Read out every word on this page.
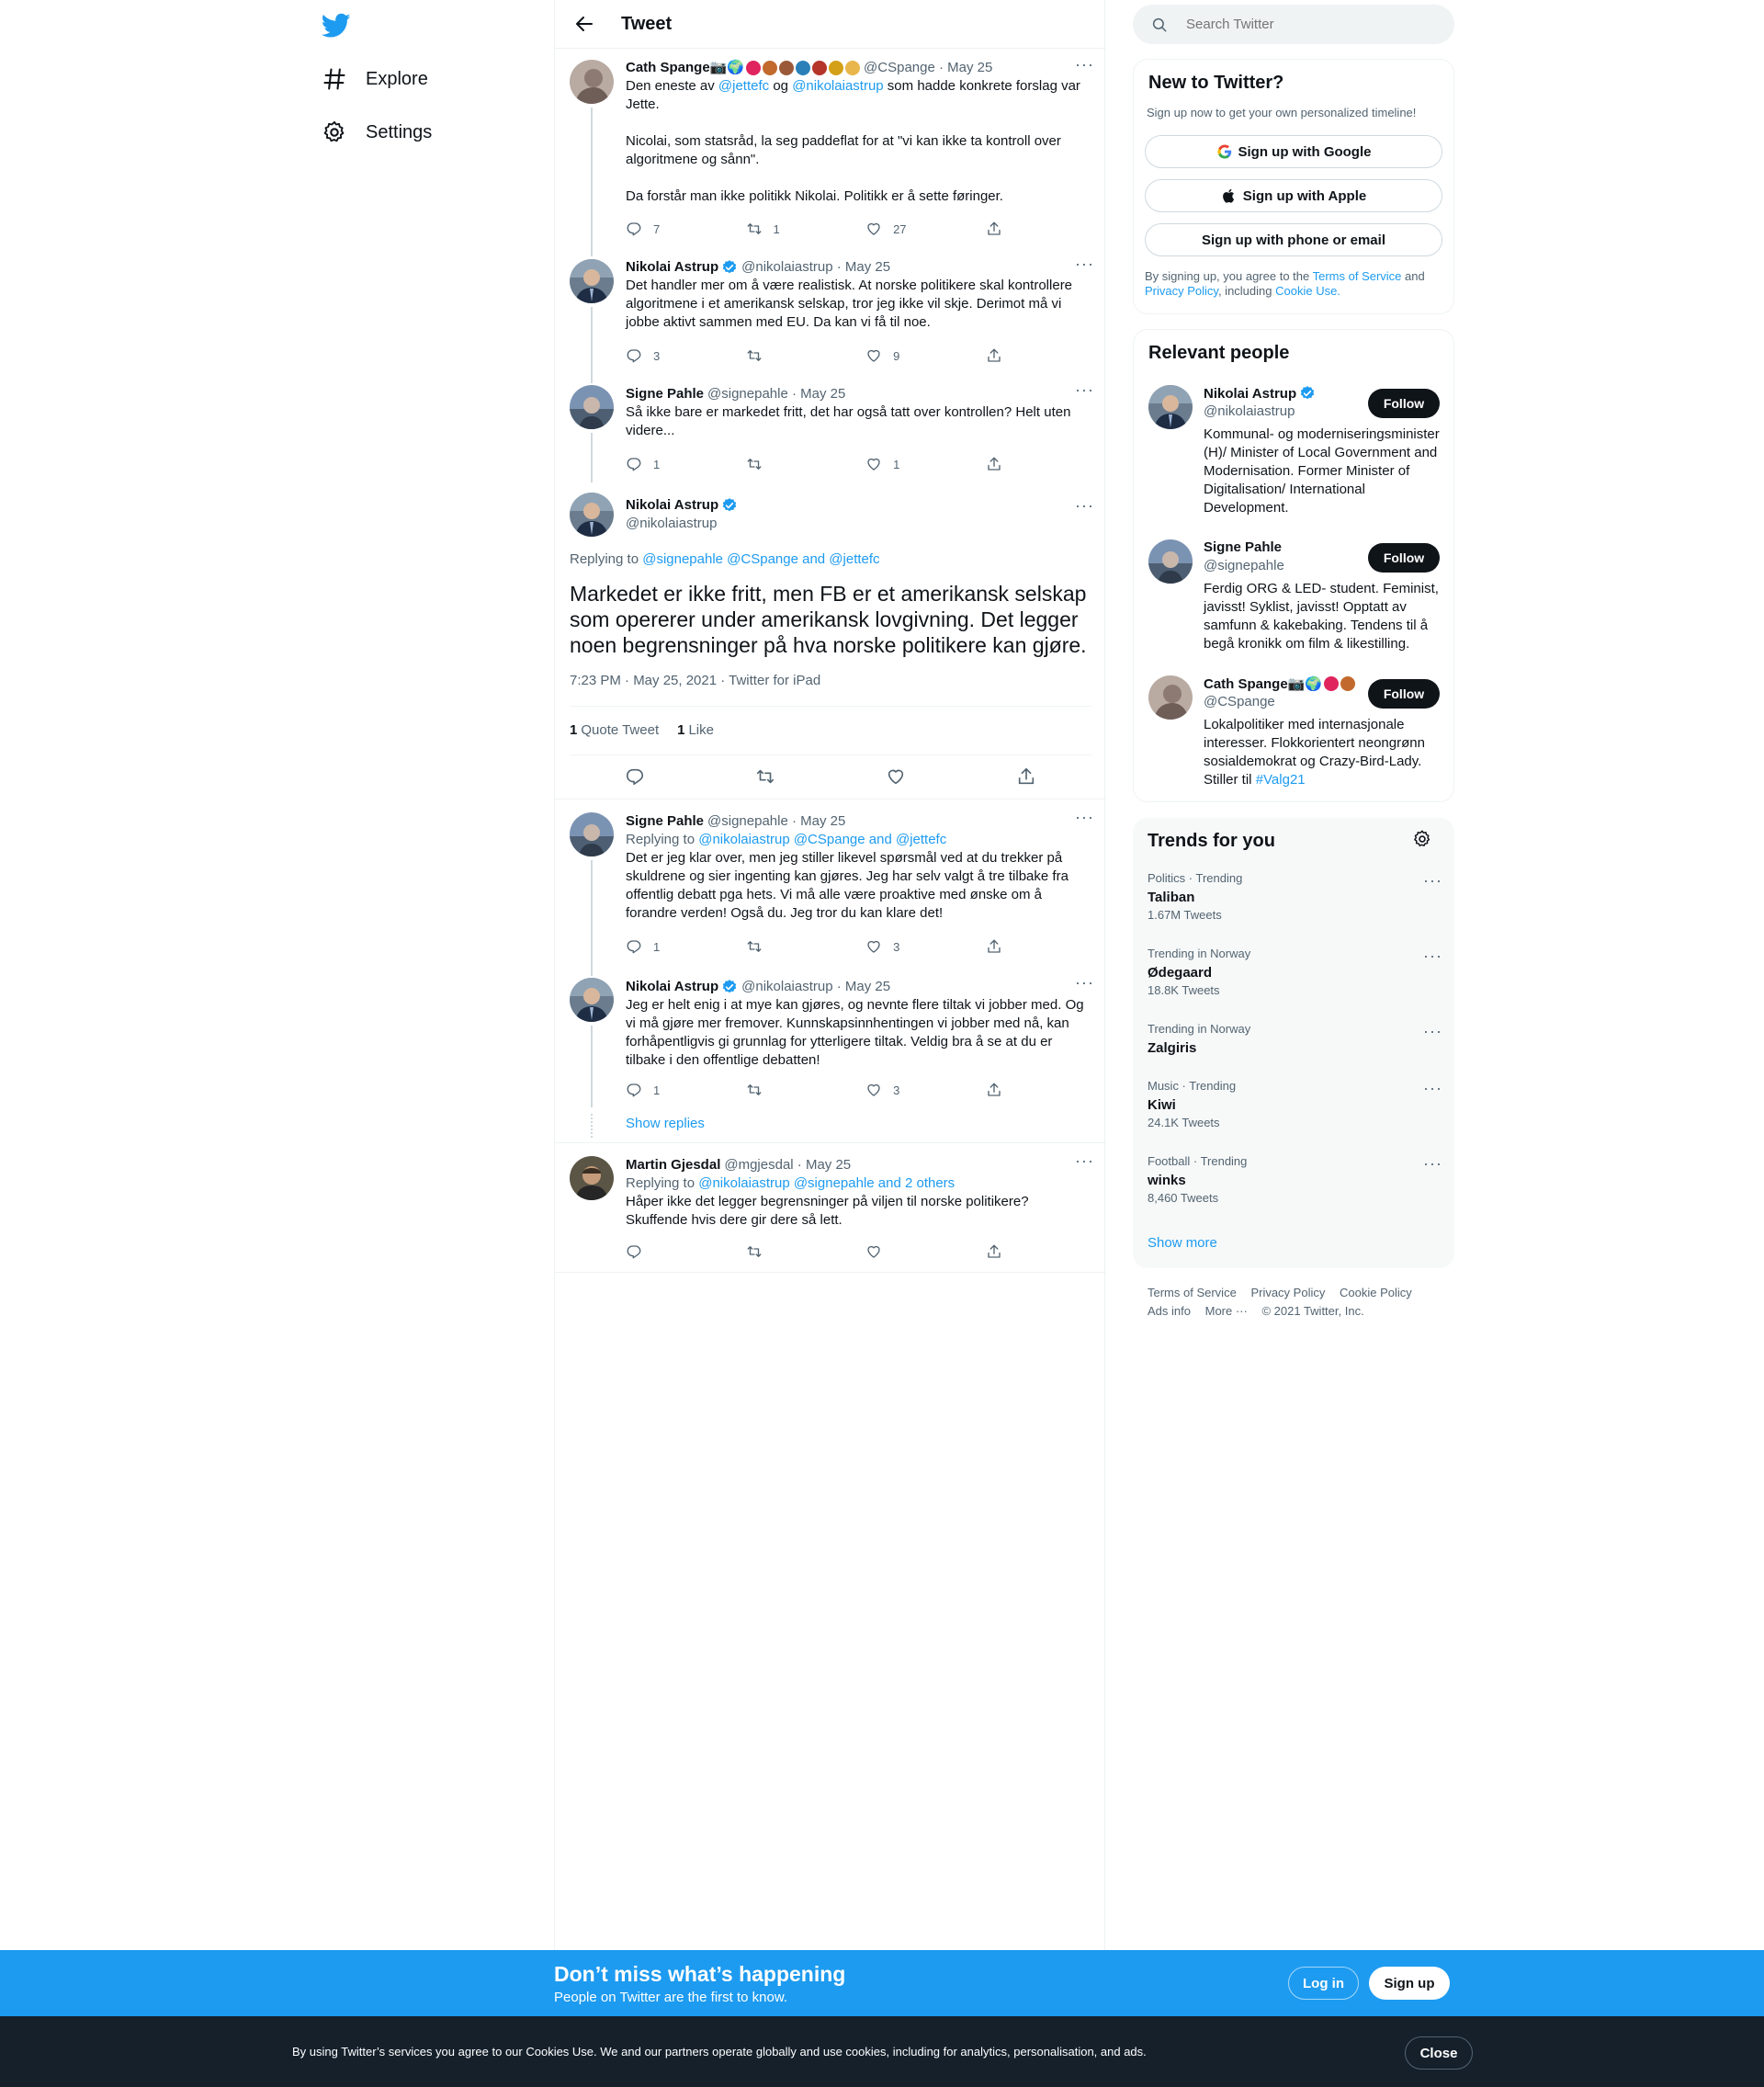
Explore
Settings
Tweet
···
Cath Spange📷🌍	@CSpange · May 25

Den eneste av @jettefc og @nikolaiastrup som hadde konkrete forslag var Jette.

Nicolai, som statsråd, la seg paddeflat for at "vi kan ikke ta kontroll over algoritmene og sånn".

Da forstår man ikke politikk Nikolai. Politikk er å sette føringer.

7	1	27
···
Nikolai Astrup @nikolaiastrup · May 25
Det handler mer om å være realistisk. At norske politikere skal kontrollere algoritmene i et amerikansk selskap, tror jeg ikke vil skje. Derimot må vi jobbe aktivt sammen med EU. Da kan vi få til noe.
3	9
···
Signe Pahle @signepahle · May 25
Så ikke bare er markedet fritt, det har også tatt over kontrollen? Helt uten videre...
1	1
Nikolai Astrup
@nikolaiastrup
···
Replying to @signepahle @CSpange and @jettefc
Markedet er ikke fritt, men FB er et amerikansk selskap som opererer under amerikansk lovgivning. Det legger noen begrensninger på hva norske politikere kan gjøre.
7:23 PM · May 25, 2021 · Twitter for iPad
1 Quote Tweet 1 Like
···
Signe Pahle @signepahle · May 25
Replying to @nikolaiastrup @CSpange and @jettefc
Det er jeg klar over, men jeg stiller likevel spørsmål ved at du trekker på skuldrene og sier ingenting kan gjøres. Jeg har selv valgt å tre tilbake fra offentlig debatt pga hets. Vi må alle være proaktive med ønske om å forandre verden! Også du. Jeg tror du kan klare det!
1	3
···
Nikolai Astrup @nikolaiastrup · May 25
Jeg er helt enig i at mye kan gjøres, og nevnte flere tiltak vi jobber med. Og vi må gjøre mer fremover. Kunnskapsinnhentingen vi jobber med nå, kan forhåpentligvis gi grunnlag for ytterligere tiltak. Veldig bra å se at du er tilbake i den offentlige debatten!
1	3
Show replies
···
Martin Gjesdal @mgjesdal · May 25
Replying to @nikolaiastrup @signepahle and 2 others
Håper ikke det legger begrensninger på viljen til norske politikere? Skuffende hvis dere gir dere så lett.
Search Twitter
New to Twitter?
Sign up now to get your own personalized timeline!
Sign up with Google
Sign up with Apple
Sign up with phone or email
By signing up, you agree to the Terms of Service and Privacy Policy, including Cookie Use.
Relevant people
Nikolai Astrup
@nikolaiastrup	Follow
Kommunal- og moderniseringsminister (H)/ Minister of Local Government and Modernisation. Former Minister of Digitalisation/ International Development.
Signe Pahle
@signepahle	Follow
Ferdig ORG & LED- student. Feminist, javisst! Syklist, javisst! Opptatt av samfunn & kakebaking. Tendens til å begå kronikk om film & likestilling.
Cath Spange📷🌍
@CSpange	Follow
Lokalpolitiker med internasjonale interesser. Flokkorientert neongrønn sosialdemokrat og Crazy-Bird-Lady. Stiller til #Valg21
Trends for you
Politics · Trending
Taliban
1.67M Tweets
···
Trending in Norway
Ødegaard
18.8K Tweets
···
Trending in Norway
Zalgiris
···
Music · Trending
Kiwi
24.1K Tweets
···
Football · Trending
winks
8,460 Tweets
···
Show more
Terms of Service Privacy Policy Cookie Policy
Ads info More ··· © 2021 Twitter, Inc.
Don’t miss what’s happening
People on Twitter are the first to know.
Log in	Sign up
By using Twitter’s services you agree to our Cookies Use. We and our partners operate globally and use cookies, including for analytics, personalisation, and ads.	Close
